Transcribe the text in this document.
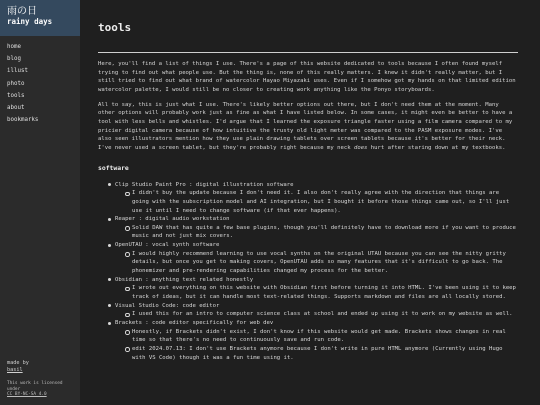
雨の日
rainy days
home
blog
illust
photo
tools
about
bookmarks
made by
basil
This work is licensed under
CC BY-NC-SA 4.0
tools

Here, you'll find a list of things I use. There's a page of this website dedicated to tools because I often found myself trying to find out what people use. But the thing is, none of this really matters. I knew it didn't really matter, but I still tried to find out what brand of watercolor Hayao Miyazaki uses. Even if I somehow got my hands on that limited edition watercolor palette, I would still be no closer to creating work anything like the Ponyo storyboards.

All to say, this is just what I use. There's likely better options out there, but I don't need them at the moment. Many other options will probably work just as fine as what I have listed below. In some cases, it might even be better to have a tool with less bells and whistles. I'd argue that I learned the exposure triangle faster using a film camera compared to my pricier digital camera because of how intuitive the trusty old light meter was compared to the PASM exposure modes. I've also seen illustrators mention how they use plain drawing tablets over screen tablets because it's better for their neck. I've never used a screen tablet, but they're probably right because my neck does hurt after staring down at my textbooks.

software
Clip Studio Paint Pro : digital illustration software
I didn't buy the update because I don't need it. I also don't really agree with the direction that things are going with the subscription model and AI integration, but I bought it before those things came out, so I'll just use it until I need to change software (if that ever happens).
Reaper : digital audio workstation
Solid DAW that has quite a few base plugins, though you'll definitely have to download more if you want to produce music and not just mix covers.
OpenUTAU : vocal synth software
I would highly recommend learning to use vocal synths on the original UTAU because you can see the nitty gritty details, but once you get to making covers, OpenUTAU adds so many features that it's difficult to go back. The phonemizer and pre-rendering capabilities changed my process for the better.
Obsidian : anything text related honestly
I wrote out everything on this website with Obsidian first before turning it into HTML. I've been using it to keep track of ideas, but it can handle most text-related things. Supports markdown and files are all locally stored.
Visual Studio Code: code editor
I used this for an intro to computer science class at school and ended up using it to work on my website as well.
Brackets : code editor specifically for web dev
Honestly, if Brackets didn't exist, I don't know if this website would get made. Brackets shows changes in real time so that there's no need to continuously save and run code.
edit 2024.07.13: I don't use Brackets anymore because I don't write in pure HTML anymore (Currently using Hugo with VS Code) though it was a fun time using it.
